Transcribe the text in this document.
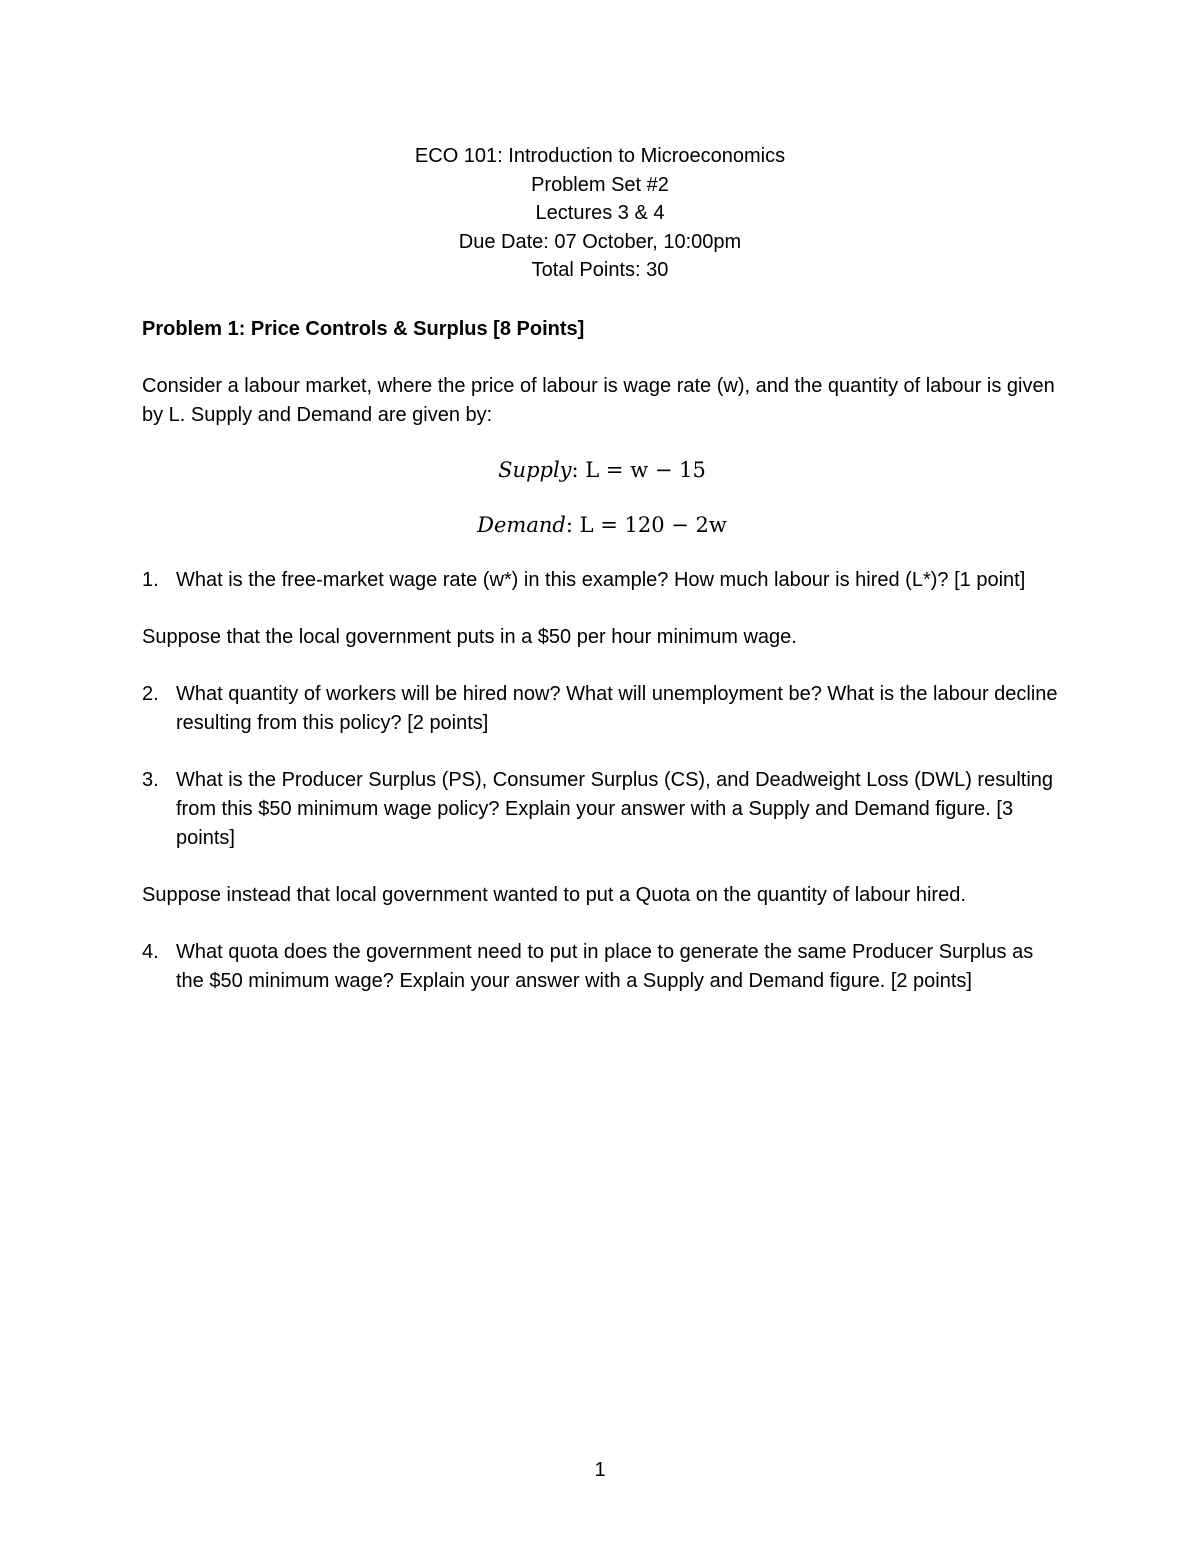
ECO 101: Introduction to Microeconomics
Problem Set #2
Lectures 3 & 4
Due Date: 07 October, 10:00pm
Total Points: 30

Problem 1: Price Controls & Surplus [8 Points]

Consider a labour market, where the price of labour is wage rate (w), and the quantity of labour is given by L. Supply and Demand are given by:

Supply: L = w − 15

Demand: L = 120 − 2w

1. What is the free-market wage rate (w*) in this example? How much labour is hired (L*)? [1 point]

Suppose that the local government puts in a $50 per hour minimum wage.

2. What quantity of workers will be hired now? What will unemployment be? What is the labour decline resulting from this policy? [2 points]
3. What is the Producer Surplus (PS), Consumer Surplus (CS), and Deadweight Loss (DWL) resulting from this $50 minimum wage policy? Explain your answer with a Supply and Demand figure. [3 points]

Suppose instead that local government wanted to put a Quota on the quantity of labour hired.

4. What quota does the government need to put in place to generate the same Producer Surplus as the $50 minimum wage? Explain your answer with a Supply and Demand figure. [2 points]
1
